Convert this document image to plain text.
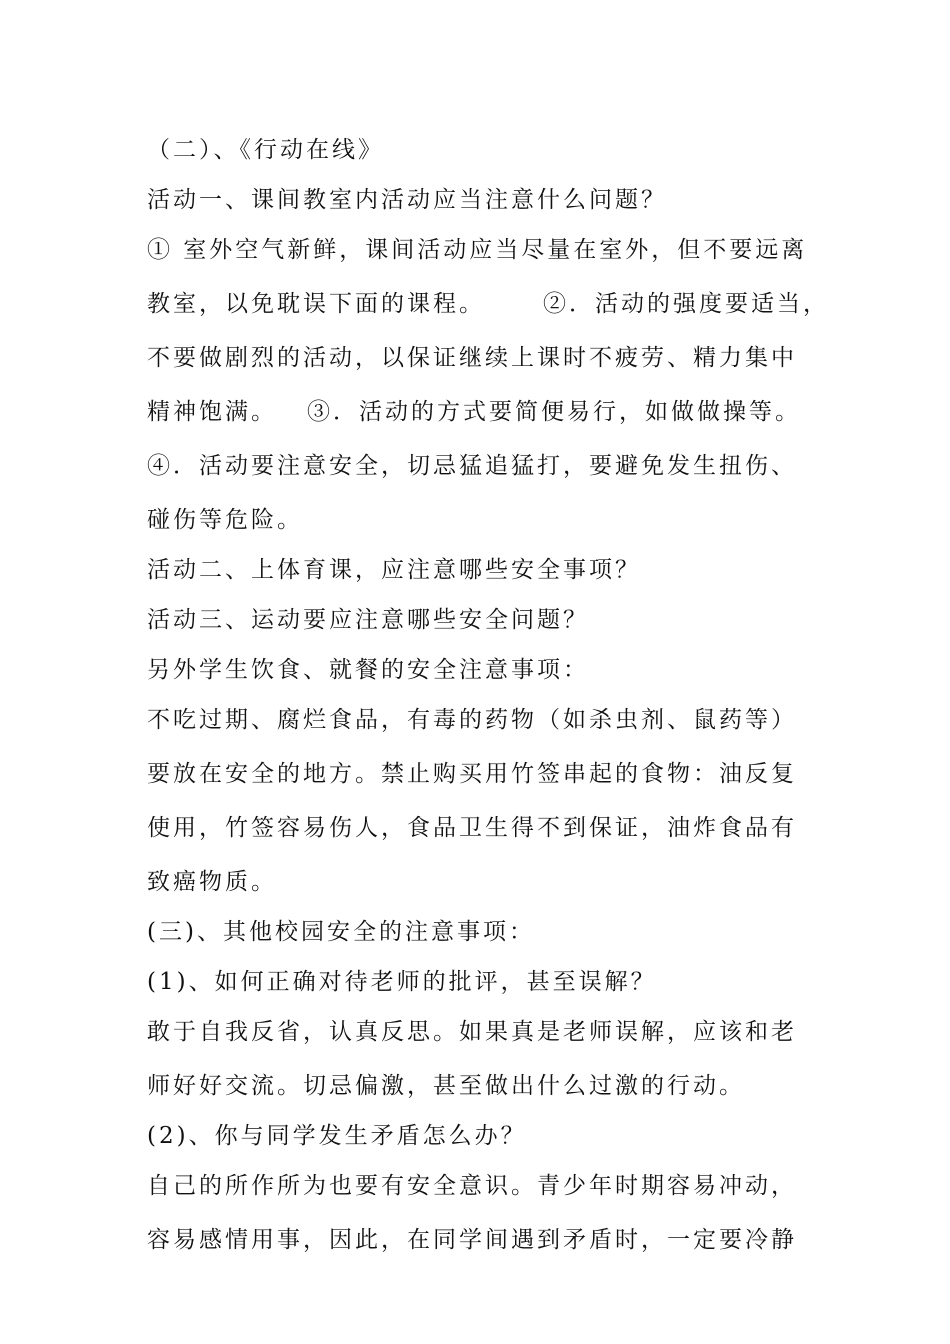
（二）、《行动在线》

活动一、课间教室内活动应当注意什么问题？

① 室外空气新鲜，课间活动应当尽量在室外，但不要远离

教室，以免耽误下面的课程。	②．活动的强度要适当，

不要做剧烈的活动，以保证继续上课时不疲劳、精力集中

精神饱满。 ③．活动的方式要简便易行，如做做操等。

④．活动要注意安全，切忌猛追猛打，要避免发生扭伤、

碰伤等危险。

活动二、上体育课，应注意哪些安全事项？

活动三、运动要应注意哪些安全问题？

另外学生饮食、就餐的安全注意事项：

不吃过期、腐烂食品，有毒的药物（如杀虫剂、鼠药等）

要放在安全的地方。禁止购买用竹签串起的食物：油反复

使用，竹签容易伤人，食品卫生得不到保证，油炸食品有

致癌物质。

(三)、其他校园安全的注意事项：

(1)、如何正确对待老师的批评，甚至误解？

敢于自我反省，认真反思。如果真是老师误解，应该和老

师好好交流。切忌偏激，甚至做出什么过激的行动。

(2)、你与同学发生矛盾怎么办？

自己的所作所为也要有安全意识。青少年时期容易冲动，

容易感情用事，因此，在同学间遇到矛盾时，一定要冷静
